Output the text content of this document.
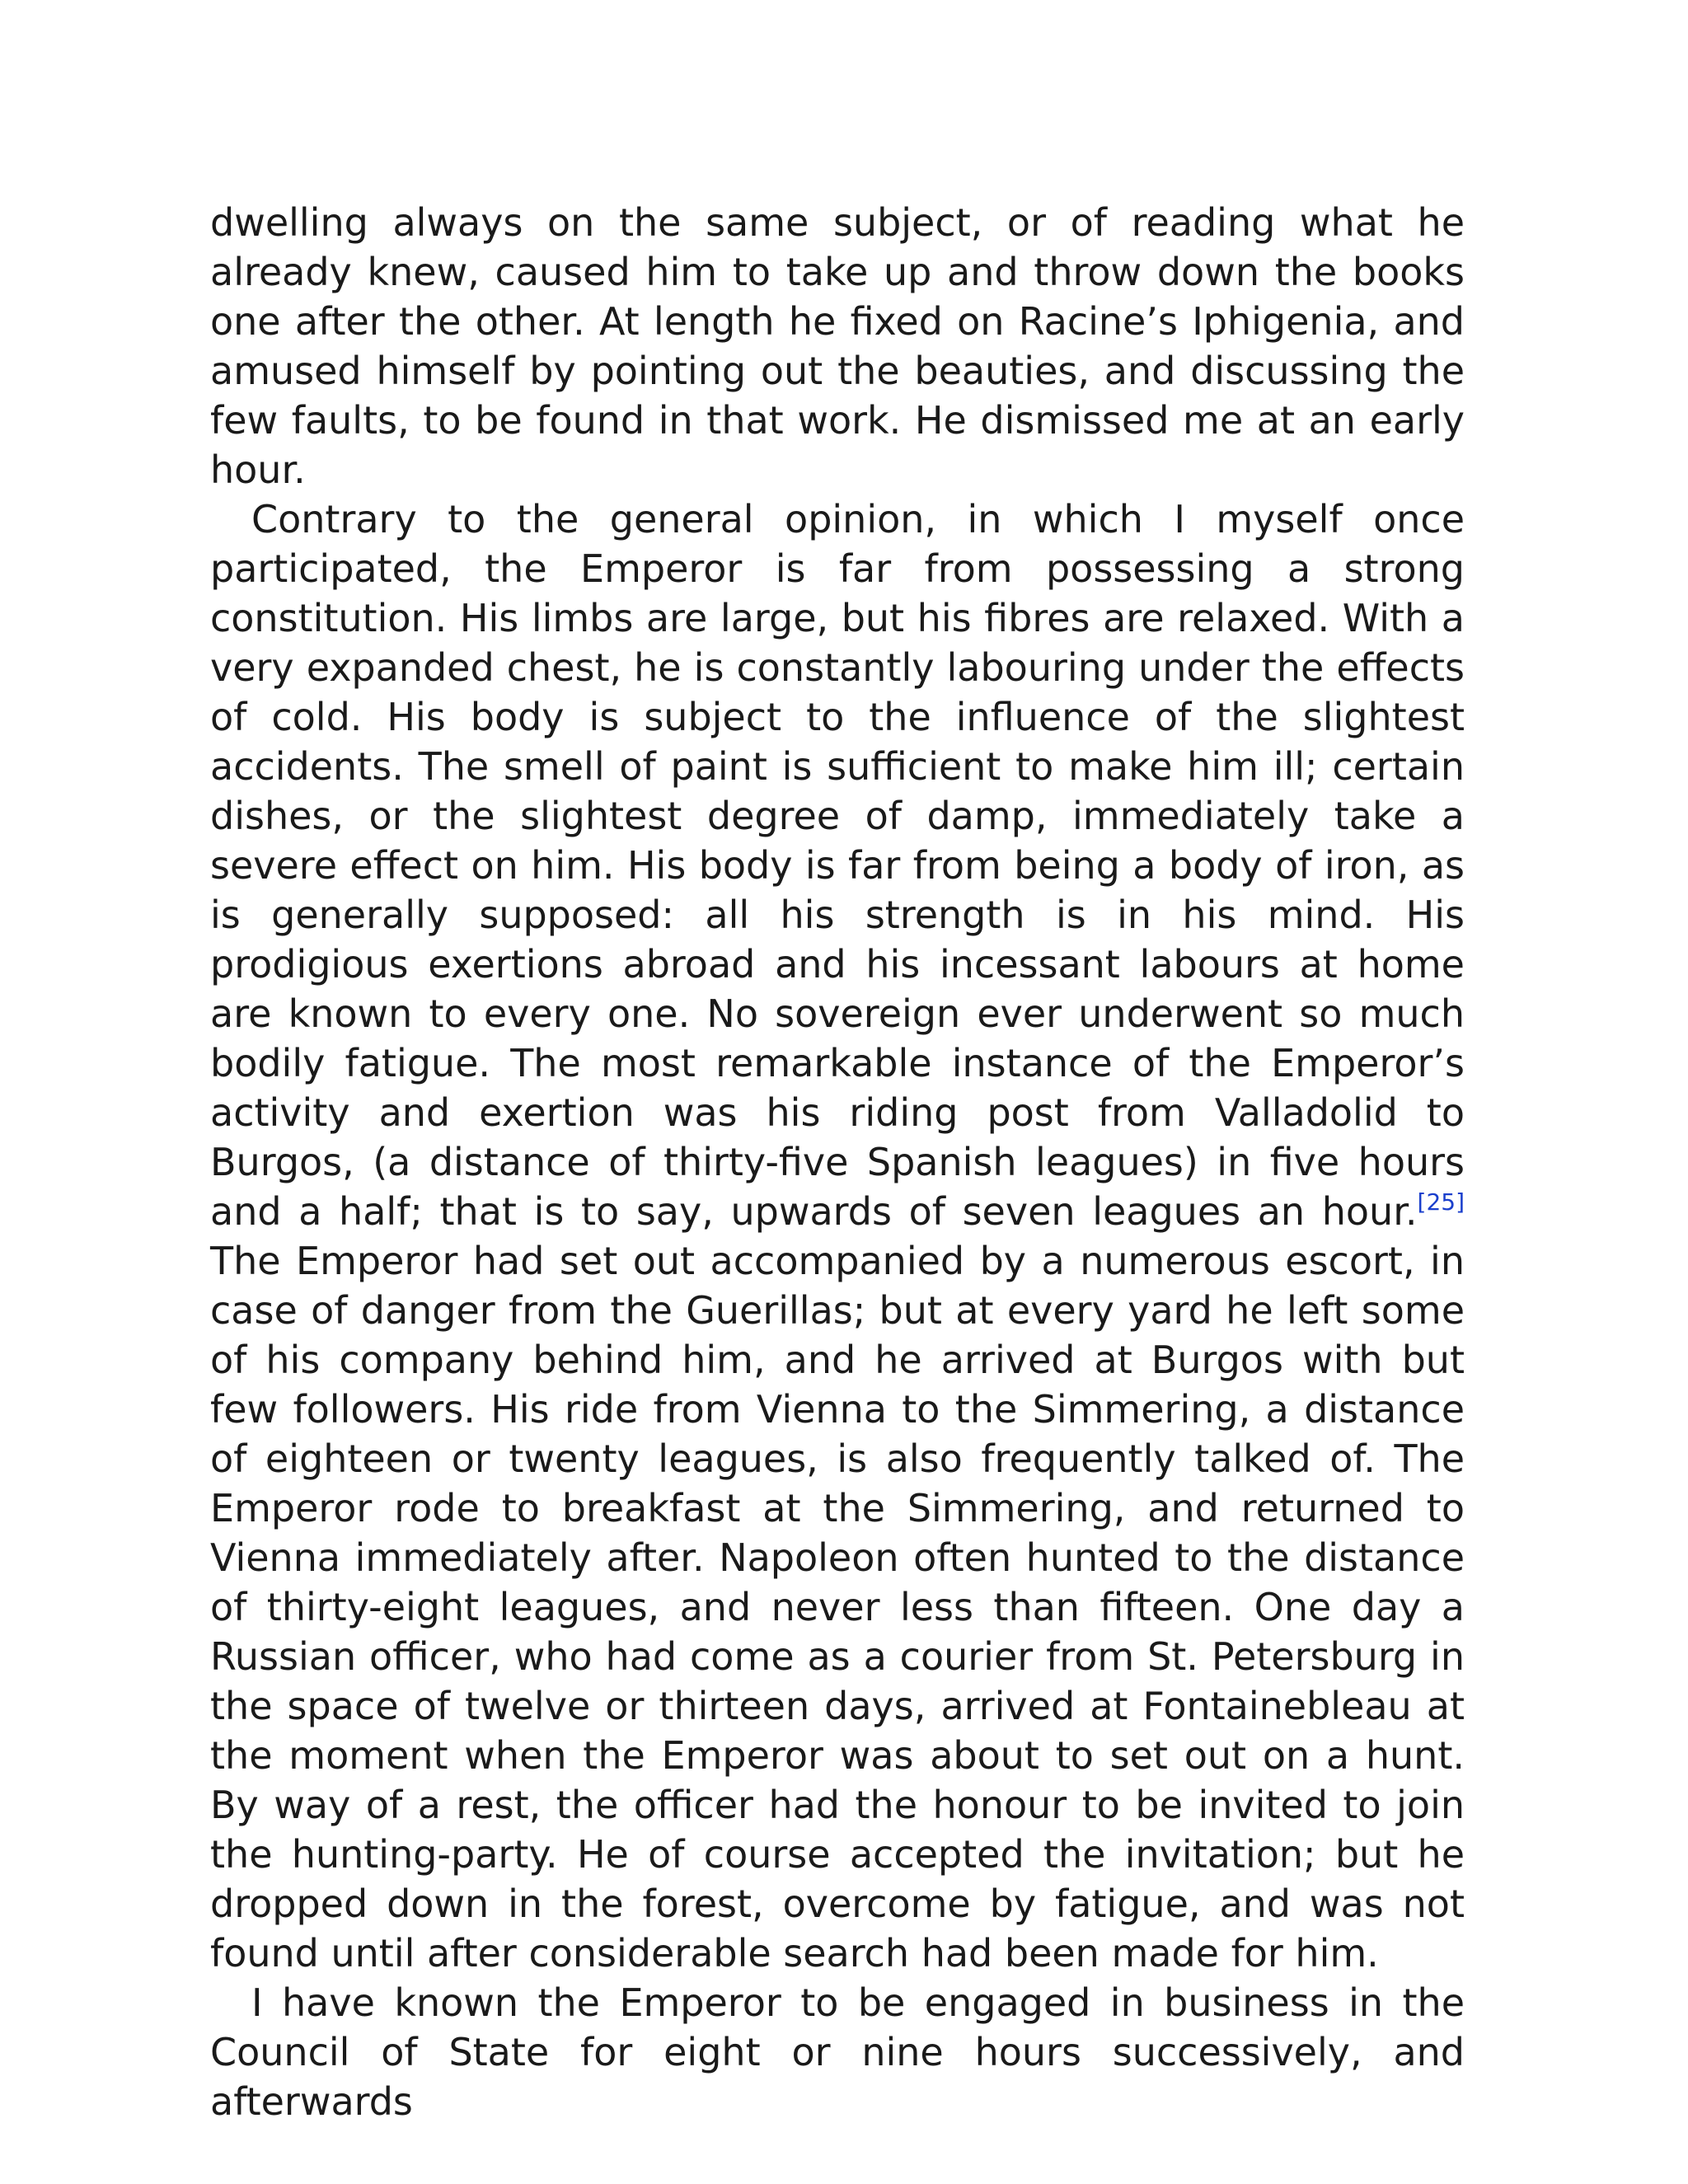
dwelling always on the same subject, or of reading what he already knew, caused him to take up and throw down the books one after the other. At length he fixed on Racine’s Iphigenia, and amused himself by pointing out the beauties, and discussing the few faults, to be found in that work. He dismissed me at an early hour.

Contrary to the general opinion, in which I myself once participated, the Emperor is far from possessing a strong constitution. His limbs are large, but his fibres are relaxed. With a very expanded chest, he is constantly labouring under the effects of cold. His body is subject to the influence of the slightest accidents. The smell of paint is sufficient to make him ill; certain dishes, or the slightest degree of damp, immediately take a severe effect on him. His body is far from being a body of iron, as is generally supposed: all his strength is in his mind. His prodigious exertions abroad and his incessant labours at home are known to every one. No sovereign ever underwent so much bodily fatigue. The most remarkable instance of the Emperor’s activity and exertion was his riding post from Valladolid to Burgos, (a distance of thirty-five Spanish leagues) in five hours and a half; that is to say, upwards of seven leagues an hour.[25] The Emperor had set out accompanied by a numerous escort, in case of danger from the Guerillas; but at every yard he left some of his company behind him, and he arrived at Burgos with but few followers. His ride from Vienna to the Simmering, a distance of eighteen or twenty leagues, is also frequently talked of. The Emperor rode to breakfast at the Simmering, and returned to Vienna immediately after. Napoleon often hunted to the distance of thirty-eight leagues, and never less than fifteen. One day a Russian officer, who had come as a courier from St. Petersburg in the space of twelve or thirteen days, arrived at Fontainebleau at the moment when the Emperor was about to set out on a hunt. By way of a rest, the officer had the honour to be invited to join the hunting-party. He of course accepted the invitation; but he dropped down in the forest, overcome by fatigue, and was not found until after considerable search had been made for him.

I have known the Emperor to be engaged in business in the Council of State for eight or nine hours successively, and afterwards
